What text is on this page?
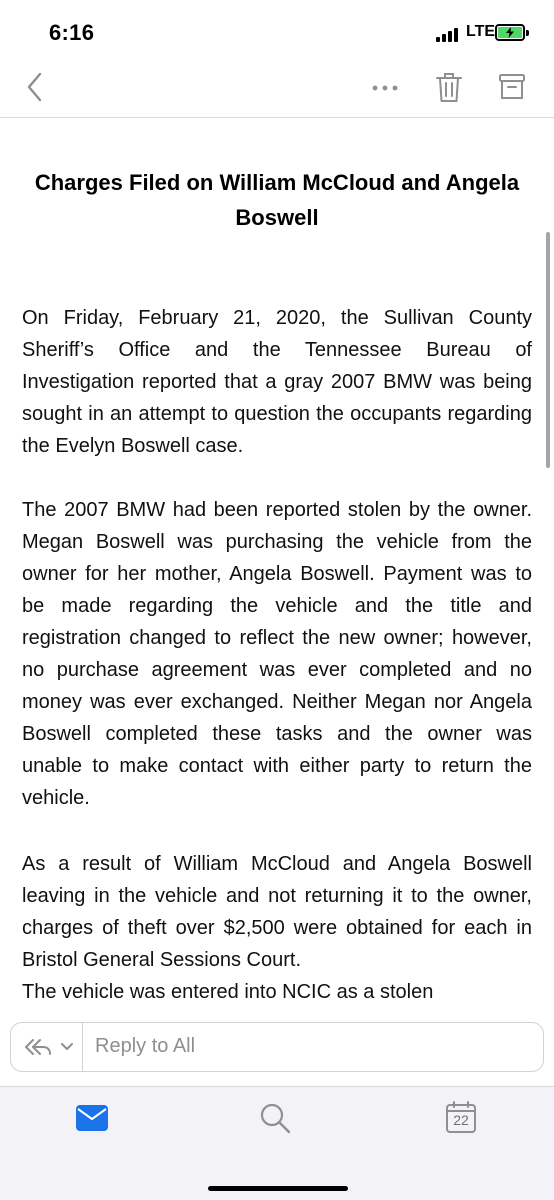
6:16	LTE
Charges Filed on William McCloud and Angela Boswell

On Friday, February 21, 2020, the Sullivan County Sheriff’s Office and the Tennessee Bureau of Investigation reported that a gray 2007 BMW was being sought in an attempt to question the occupants regarding the Evelyn Boswell case.

The 2007 BMW had been reported stolen by the owner. Megan Boswell was purchasing the vehicle from the owner for her mother, Angela Boswell. Payment was to be made regarding the vehicle and the title and registration changed to reflect the new owner; however, no purchase agreement was ever completed and no money was ever exchanged. Neither Megan nor Angela Boswell completed these tasks and the owner was unable to make contact with either party to return the vehicle.

As a result of William McCloud and Angela Boswell leaving in the vehicle and not returning it to the owner, charges of theft over $2,500 were obtained for each in Bristol General Sessions Court.

The vehicle was entered into NCIC as a stolen

Reply to All
22
